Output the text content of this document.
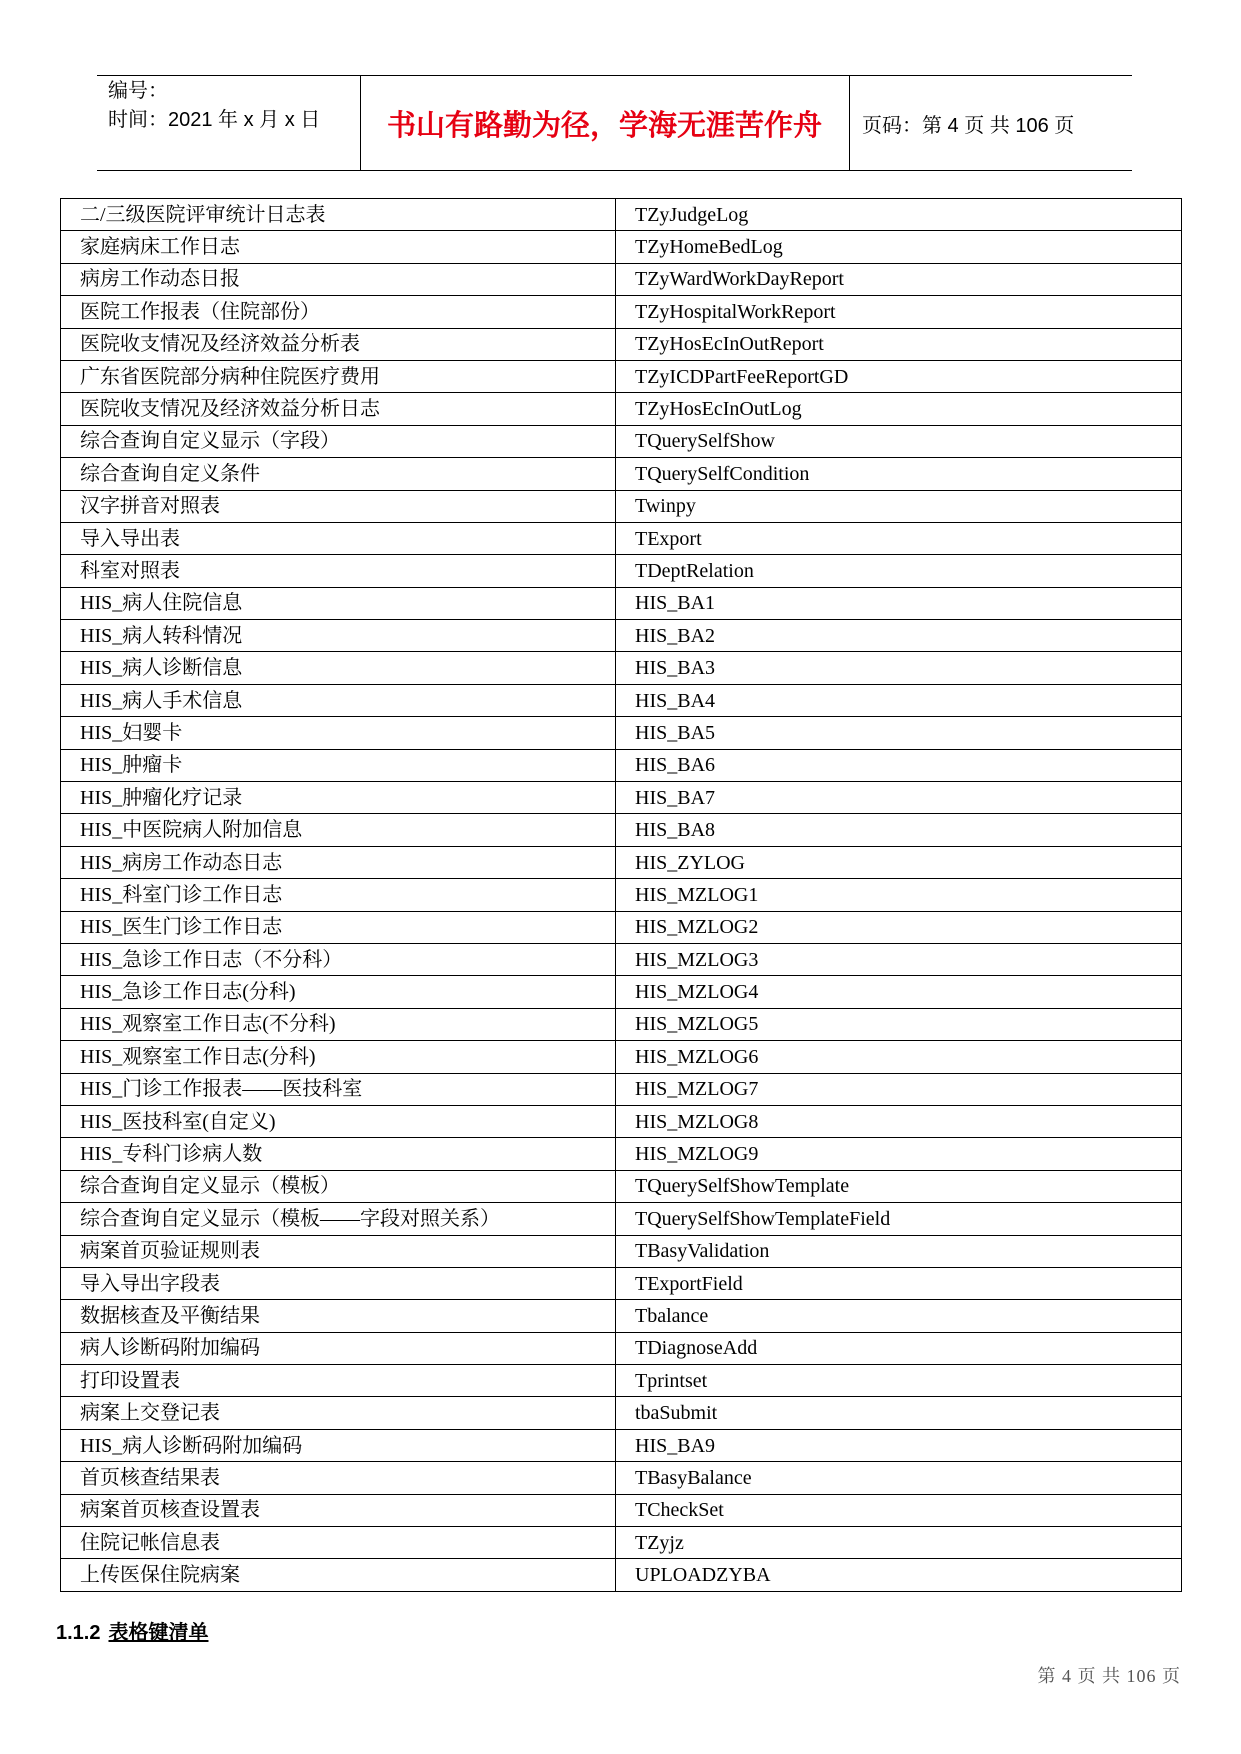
编号：
时间：2021 年 x 月 x 日	书山有路勤为径，学海无涯苦作舟	页码：第 4 页 共 106 页
二/三级医院评审统计日志表	TZyJudgeLog
家庭病床工作日志	TZyHomeBedLog
病房工作动态日报	TZyWardWorkDayReport
医院工作报表（住院部份）	TZyHospitalWorkReport
医院收支情况及经济效益分析表	TZyHosEcInOutReport
广东省医院部分病种住院医疗费用	TZyICDPartFeeReportGD
医院收支情况及经济效益分析日志	TZyHosEcInOutLog
综合查询自定义显示（字段）	TQuerySelfShow
综合查询自定义条件	TQuerySelfCondition
汉字拼音对照表	Twinpy
导入导出表	TExport
科室对照表	TDeptRelation
HIS_病人住院信息	HIS_BA1
HIS_病人转科情况	HIS_BA2
HIS_病人诊断信息	HIS_BA3
HIS_病人手术信息	HIS_BA4
HIS_妇婴卡	HIS_BA5
HIS_肿瘤卡	HIS_BA6
HIS_肿瘤化疗记录	HIS_BA7
HIS_中医院病人附加信息	HIS_BA8
HIS_病房工作动态日志	HIS_ZYLOG
HIS_科室门诊工作日志	HIS_MZLOG1
HIS_医生门诊工作日志	HIS_MZLOG2
HIS_急诊工作日志（不分科）	HIS_MZLOG3
HIS_急诊工作日志(分科)	HIS_MZLOG4
HIS_观察室工作日志(不分科)	HIS_MZLOG5
HIS_观察室工作日志(分科)	HIS_MZLOG6
HIS_门诊工作报表——医技科室	HIS_MZLOG7
HIS_医技科室(自定义)	HIS_MZLOG8
HIS_专科门诊病人数	HIS_MZLOG9
综合查询自定义显示（模板）	TQuerySelfShowTemplate
综合查询自定义显示（模板——字段对照关系）	TQuerySelfShowTemplateField
病案首页验证规则表	TBasyValidation
导入导出字段表	TExportField
数据核查及平衡结果	Tbalance
病人诊断码附加编码	TDiagnoseAdd
打印设置表	Tprintset
病案上交登记表	tbaSubmit
HIS_病人诊断码附加编码	HIS_BA9
首页核查结果表	TBasyBalance
病案首页核查设置表	TCheckSet
住院记帐信息表	TZyjz
上传医保住院病案	UPLOADZYBA
1.1.2 表格键清单
第 4 页 共 106 页
